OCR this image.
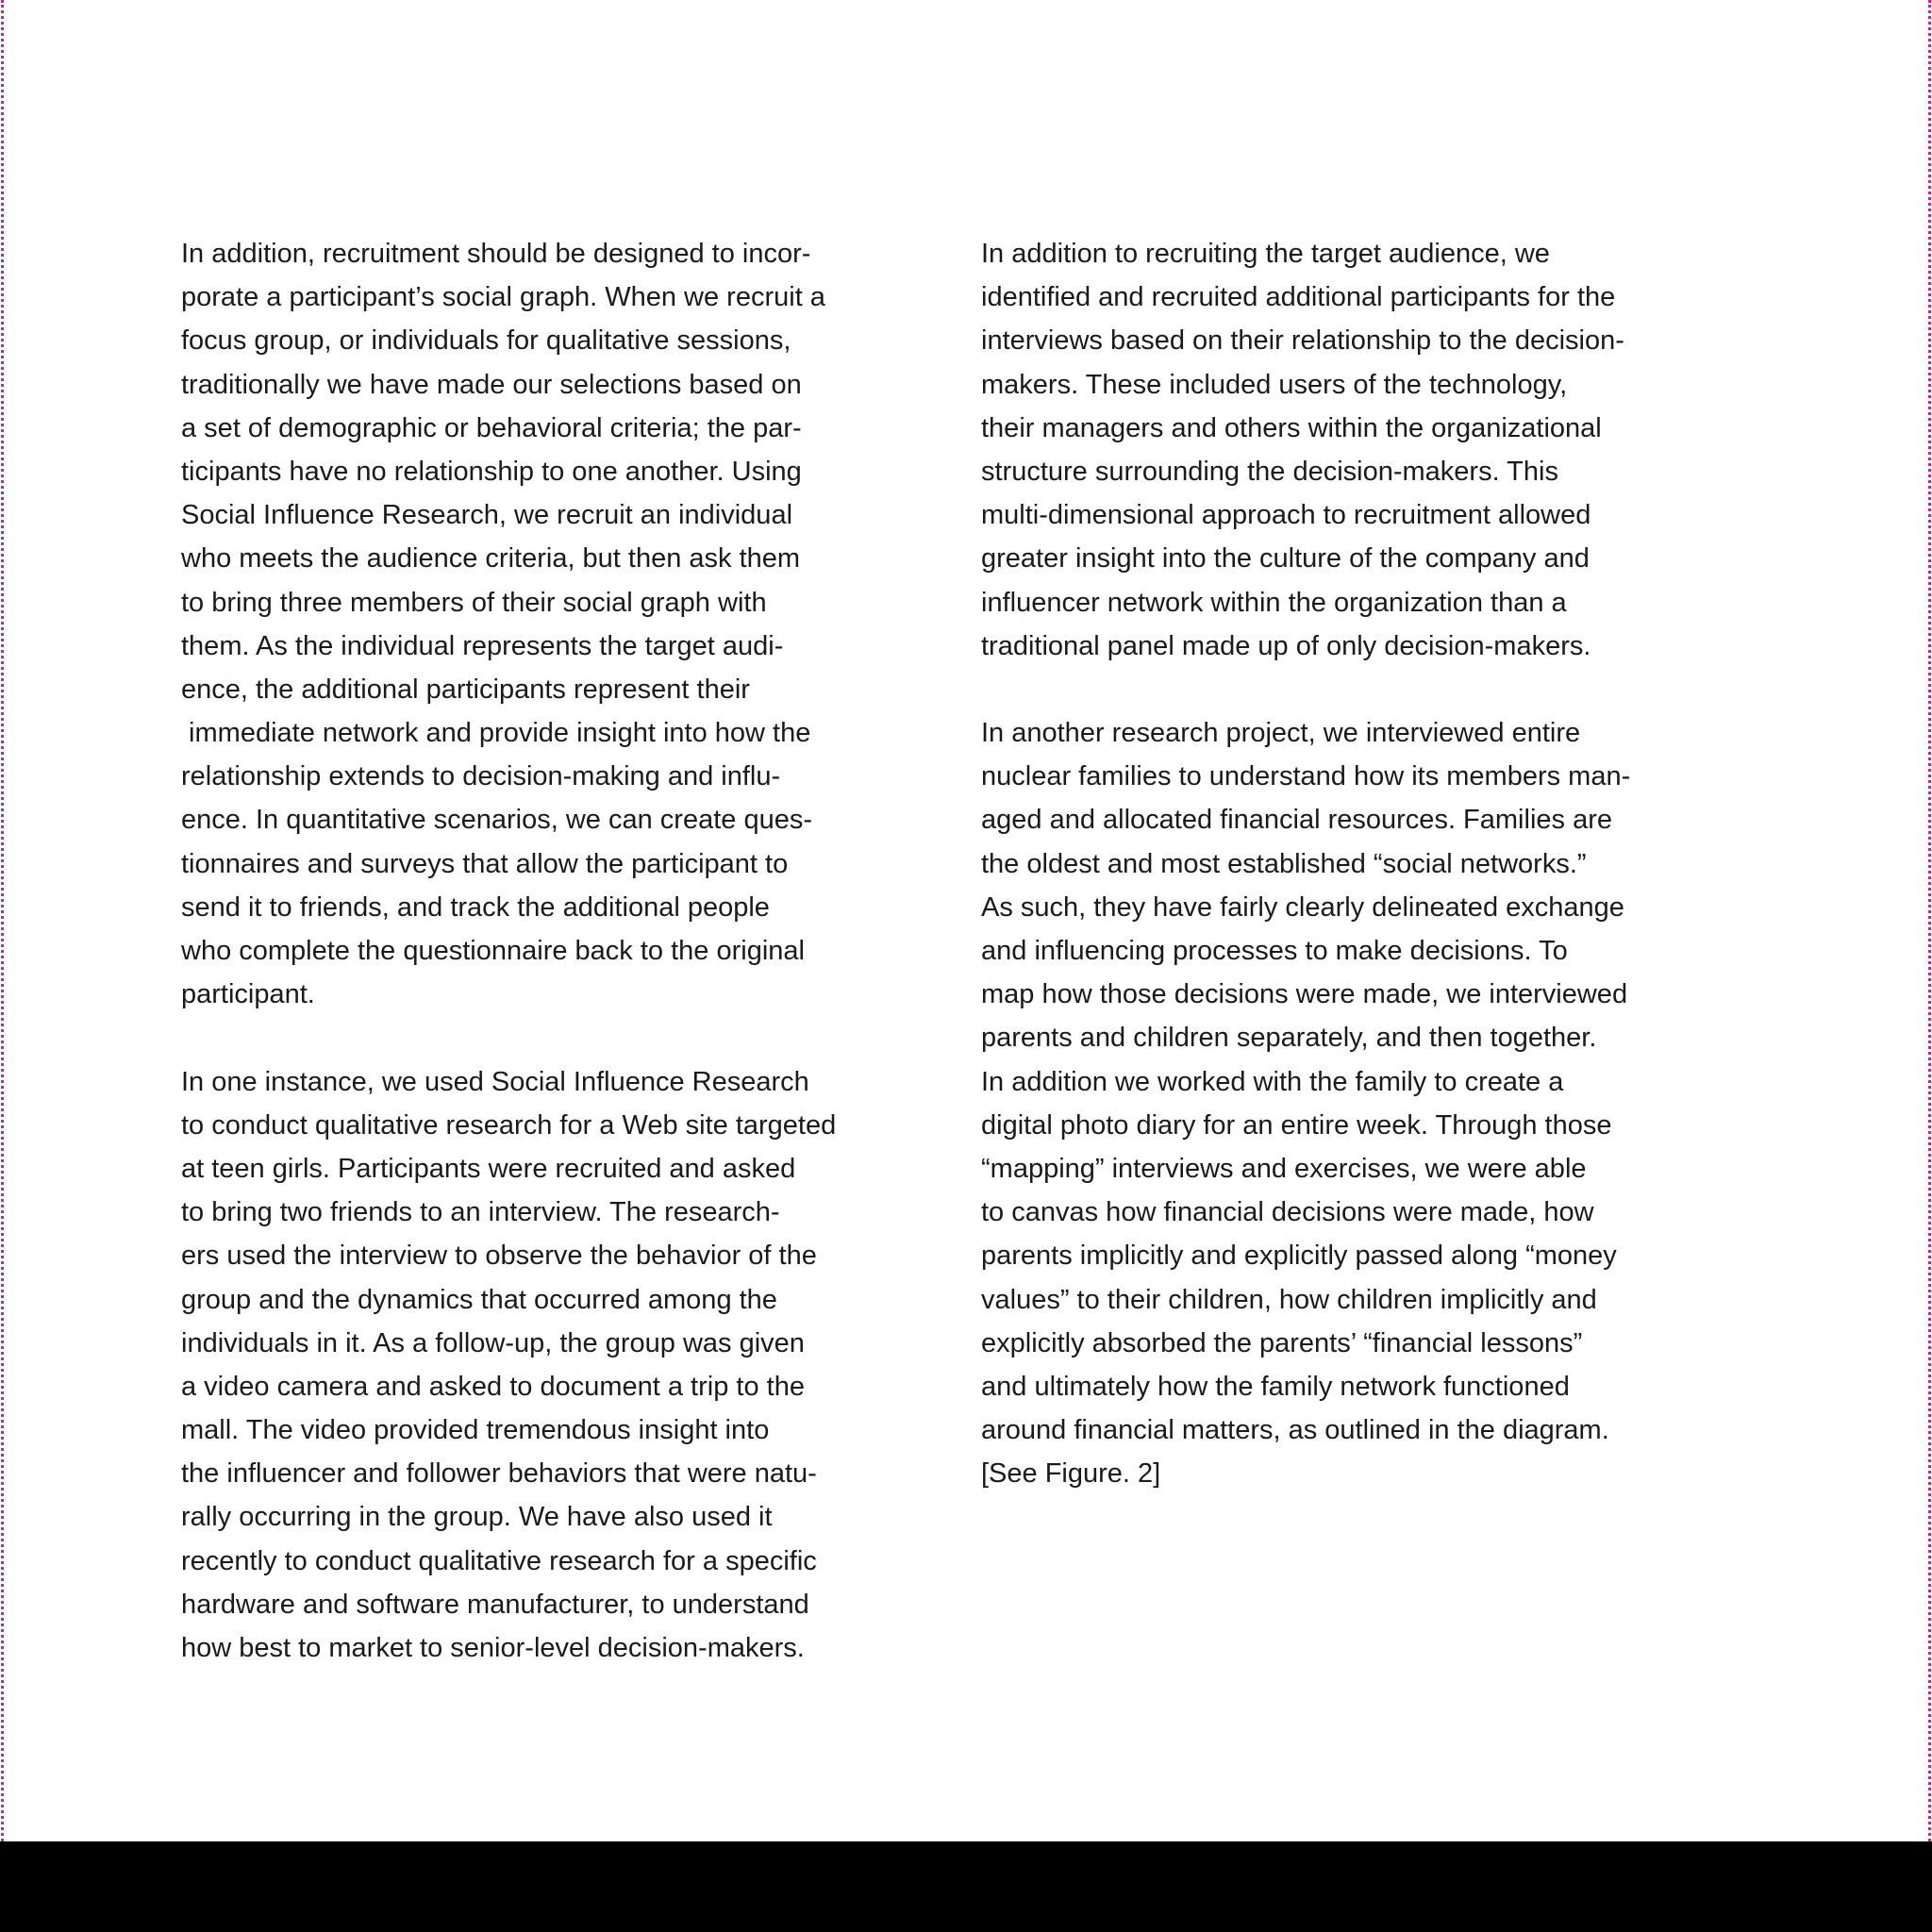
In addition, recruitment should be designed to incor-
porate a participant’s social graph. When we recruit a
focus group, or individuals for qualitative sessions,
traditionally we have made our selections based on
a set of demographic or behavioral criteria; the par-
ticipants have no relationship to one another. Using
Social Influence Research, we recruit an individual
who meets the audience criteria, but then ask them
to bring three members of their social graph with
them. As the individual represents the target audi-
ence, the additional participants represent their
immediate network and provide insight into how the
relationship extends to decision-making and influ-
ence. In quantitative scenarios, we can create ques-
tionnaires and surveys that allow the participant to
send it to friends, and track the additional people
who complete the questionnaire back to the original
participant.
In one instance, we used Social Influence Research
to conduct qualitative research for a Web site targeted
at teen girls. Participants were recruited and asked
to bring two friends to an interview. The research-
ers used the interview to observe the behavior of the
group and the dynamics that occurred among the
individuals in it. As a follow-up, the group was given
a video camera and asked to document a trip to the
mall. The video provided tremendous insight into
the influencer and follower behaviors that were natu-
rally occurring in the group. We have also used it
recently to conduct qualitative research for a specific
hardware and software manufacturer, to understand
how best to market to senior-level decision-makers.
In addition to recruiting the target audience, we
identified and recruited additional participants for the
interviews based on their relationship to the decision-
makers. These included users of the technology,
their managers and others within the organizational
structure surrounding the decision-makers. This
multi-dimensional approach to recruitment allowed
greater insight into the culture of the company and
influencer network within the organization than a
traditional panel made up of only decision-makers.
In another research project, we interviewed entire
nuclear families to understand how its members man-
aged and allocated financial resources. Families are
the oldest and most established “social networks.”
As such, they have fairly clearly delineated exchange
and influencing processes to make decisions. To
map how those decisions were made, we interviewed
parents and children separately, and then together.
In addition we worked with the family to create a
digital photo diary for an entire week. Through those
“mapping” interviews and exercises, we were able
to canvas how financial decisions were made, how
parents implicitly and explicitly passed along “money
values” to their children, how children implicitly and
explicitly absorbed the parents’ “financial lessons”
and ultimately how the family network functioned
around financial matters, as outlined in the diagram.
[See Figure. 2]
